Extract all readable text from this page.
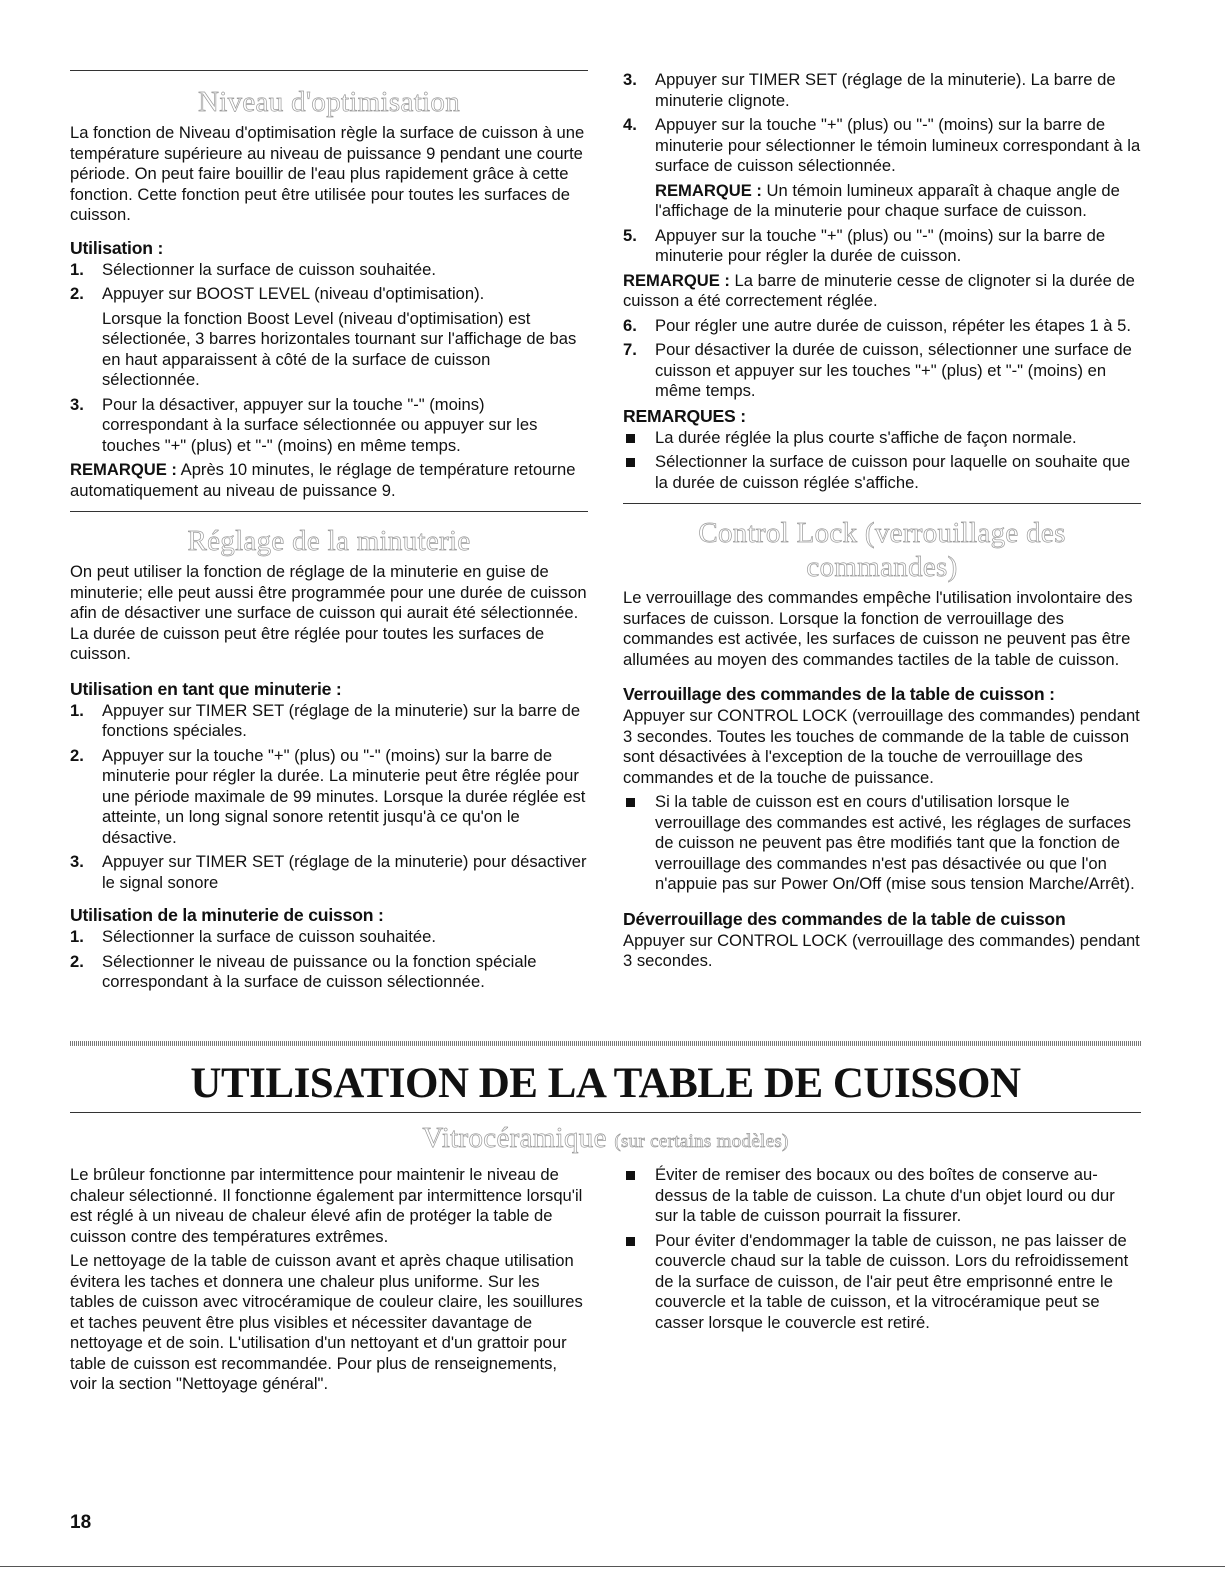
Niveau d'optimisation

La fonction de Niveau d'optimisation règle la surface de cuisson à une température supérieure au niveau de puissance 9 pendant une courte période. On peut faire bouillir de l'eau plus rapidement grâce à cette fonction. Cette fonction peut être utilisée pour toutes les surfaces de cuisson.

Utilisation :
1. Sélectionner la surface de cuisson souhaitée.
2. Appuyer sur BOOST LEVEL (niveau d'optimisation).

Lorsque la fonction Boost Level (niveau d'optimisation) est sélectionée, 3 barres horizontales tournant sur l'affichage de bas en haut apparaissent à côté de la surface de cuisson sélectionnée.

3. Pour la désactiver, appuyer sur la touche "-" (moins) correspondant à la surface sélectionnée ou appuyer sur les touches "+" (plus) et "-" (moins) en même temps.

REMARQUE : Après 10 minutes, le réglage de température retourne automatiquement au niveau de puissance 9.

Réglage de la minuterie

On peut utiliser la fonction de réglage de la minuterie en guise de minuterie; elle peut aussi être programmée pour une durée de cuisson afin de désactiver une surface de cuisson qui aurait été sélectionnée. La durée de cuisson peut être réglée pour toutes les surfaces de cuisson.

Utilisation en tant que minuterie :
1. Appuyer sur TIMER SET (réglage de la minuterie) sur la barre de fonctions spéciales.
2. Appuyer sur la touche "+" (plus) ou "-" (moins) sur la barre de minuterie pour régler la durée. La minuterie peut être réglée pour une période maximale de 99 minutes. Lorsque la durée réglée est atteinte, un long signal sonore retentit jusqu'à ce qu'on le désactive.
3. Appuyer sur TIMER SET (réglage de la minuterie) pour désactiver le signal sonore
Utilisation de la minuterie de cuisson :
1. Sélectionner la surface de cuisson souhaitée.
2. Sélectionner le niveau de puissance ou la fonction spéciale correspondant à la surface de cuisson sélectionnée.
3. Appuyer sur TIMER SET (réglage de la minuterie). La barre de minuterie clignote.
4. Appuyer sur la touche "+" (plus) ou "-" (moins) sur la barre de minuterie pour sélectionner le témoin lumineux correspondant à la surface de cuisson sélectionnée.

REMARQUE : Un témoin lumineux apparaît à chaque angle de l'affichage de la minuterie pour chaque surface de cuisson.

5. Appuyer sur la touche "+" (plus) ou "-" (moins) sur la barre de minuterie pour régler la durée de cuisson.

REMARQUE : La barre de minuterie cesse de clignoter si la durée de cuisson a été correctement réglée.

6. Pour régler une autre durée de cuisson, répéter les étapes 1 à 5.
7. Pour désactiver la durée de cuisson, sélectionner une surface de cuisson et appuyer sur les touches "+" (plus) et "-" (moins) en même temps.
REMARQUES :
La durée réglée la plus courte s'affiche de façon normale.
Sélectionner la surface de cuisson pour laquelle on souhaite que la durée de cuisson réglée s'affiche.
Control Lock (verrouillage des commandes)

Le verrouillage des commandes empêche l'utilisation involontaire des surfaces de cuisson. Lorsque la fonction de verrouillage des commandes est activée, les surfaces de cuisson ne peuvent pas être allumées au moyen des commandes tactiles de la table de cuisson.

Verrouillage des commandes de la table de cuisson :

Appuyer sur CONTROL LOCK (verrouillage des commandes) pendant 3 secondes. Toutes les touches de commande de la table de cuisson sont désactivées à l'exception de la touche de verrouillage des commandes et de la touche de puissance.

Si la table de cuisson est en cours d'utilisation lorsque le verrouillage des commandes est activé, les réglages de surfaces de cuisson ne peuvent pas être modifiés tant que la fonction de verrouillage des commandes n'est pas désactivée ou que l'on n'appuie pas sur Power On/Off (mise sous tension Marche/Arrêt).
Déverrouillage des commandes de la table de cuisson

Appuyer sur CONTROL LOCK (verrouillage des commandes) pendant 3 secondes.

UTILISATION DE LA TABLE DE CUISSON

Le brûleur fonctionne par intermittence pour maintenir le niveau de chaleur sélectionné. Il fonctionne également par intermittence lorsqu'il est réglé à un niveau de chaleur élevé afin de protéger la table de cuisson contre des températures extrêmes.

Le nettoyage de la table de cuisson avant et après chaque utilisation évitera les taches et donnera une chaleur plus uniforme. Sur les tables de cuisson avec vitrocéramique de couleur claire, les souillures et taches peuvent être plus visibles et nécessiter davantage de nettoyage et de soin. L'utilisation d'un nettoyant et d'un grattoir pour table de cuisson est recommandée. Pour plus de renseignements, voir la section "Nettoyage général".

Vitrocéramique (sur certains modèles)
Éviter de remiser des bocaux ou des boîtes de conserve au-dessus de la table de cuisson. La chute d'un objet lourd ou dur sur la table de cuisson pourrait la fissurer.
Pour éviter d'endommager la table de cuisson, ne pas laisser de couvercle chaud sur la table de cuisson. Lors du refroidissement de la surface de cuisson, de l'air peut être emprisonné entre le couvercle et la table de cuisson, et la vitrocéramique peut se casser lorsque le couvercle est retiré.
18
